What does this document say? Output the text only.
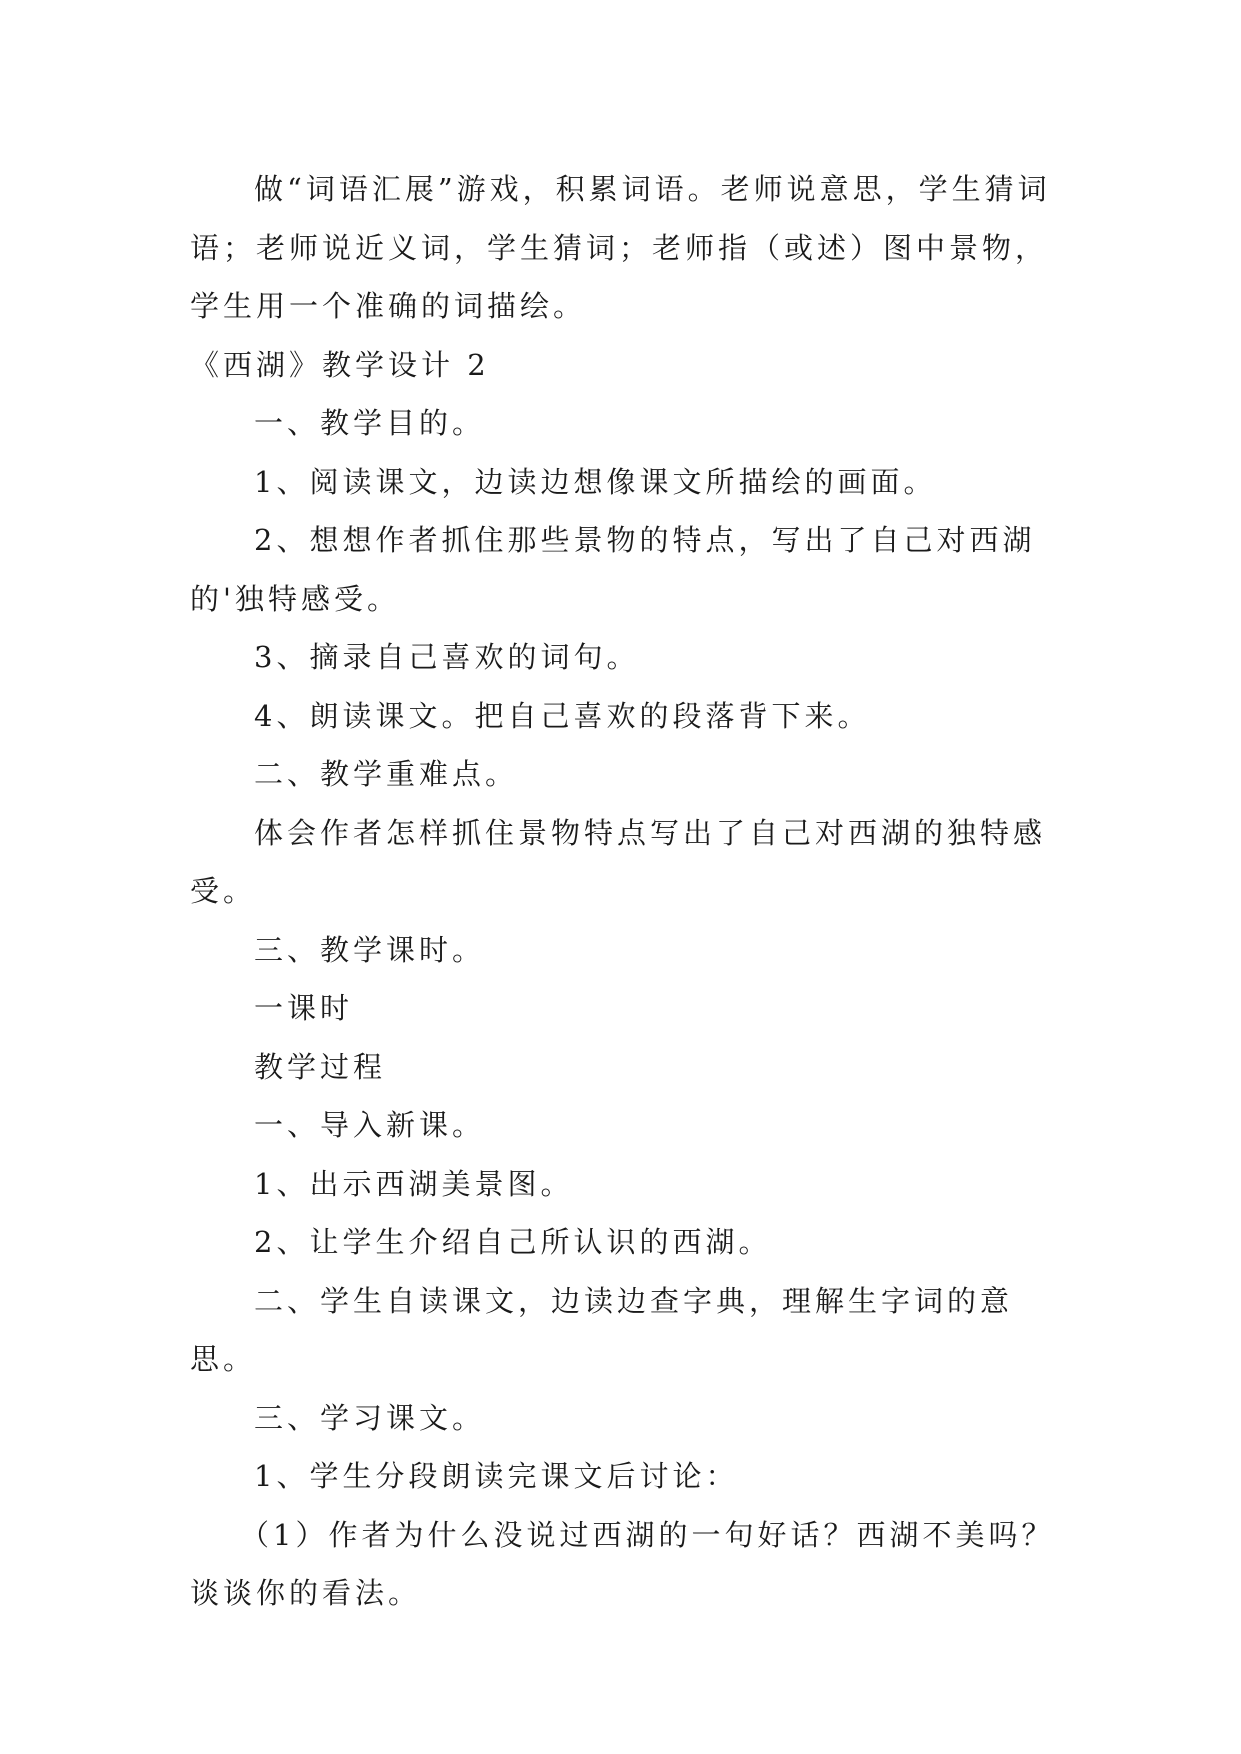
做“词语汇展”游戏，积累词语。老师说意思，学生猜词语；老师说近义词，学生猜词；老师指（或述）图中景物，学生用一个准确的词描绘。

《西湖》教学设计 2

一、教学目的。

1、阅读课文，边读边想像课文所描绘的画面。

2、想想作者抓住那些景物的特点，写出了自己对西湖的'独特感受。

3、摘录自己喜欢的词句。

4、朗读课文。把自己喜欢的段落背下来。

二、教学重难点。

体会作者怎样抓住景物特点写出了自己对西湖的独特感受。

三、教学课时。

一课时

教学过程

一、导入新课。

1、出示西湖美景图。

2、让学生介绍自己所认识的西湖。

二、学生自读课文，边读边查字典，理解生字词的意思。

三、学习课文。

1、学生分段朗读完课文后讨论：

（1）作者为什么没说过西湖的一句好话？西湖不美吗？谈谈你的看法。
